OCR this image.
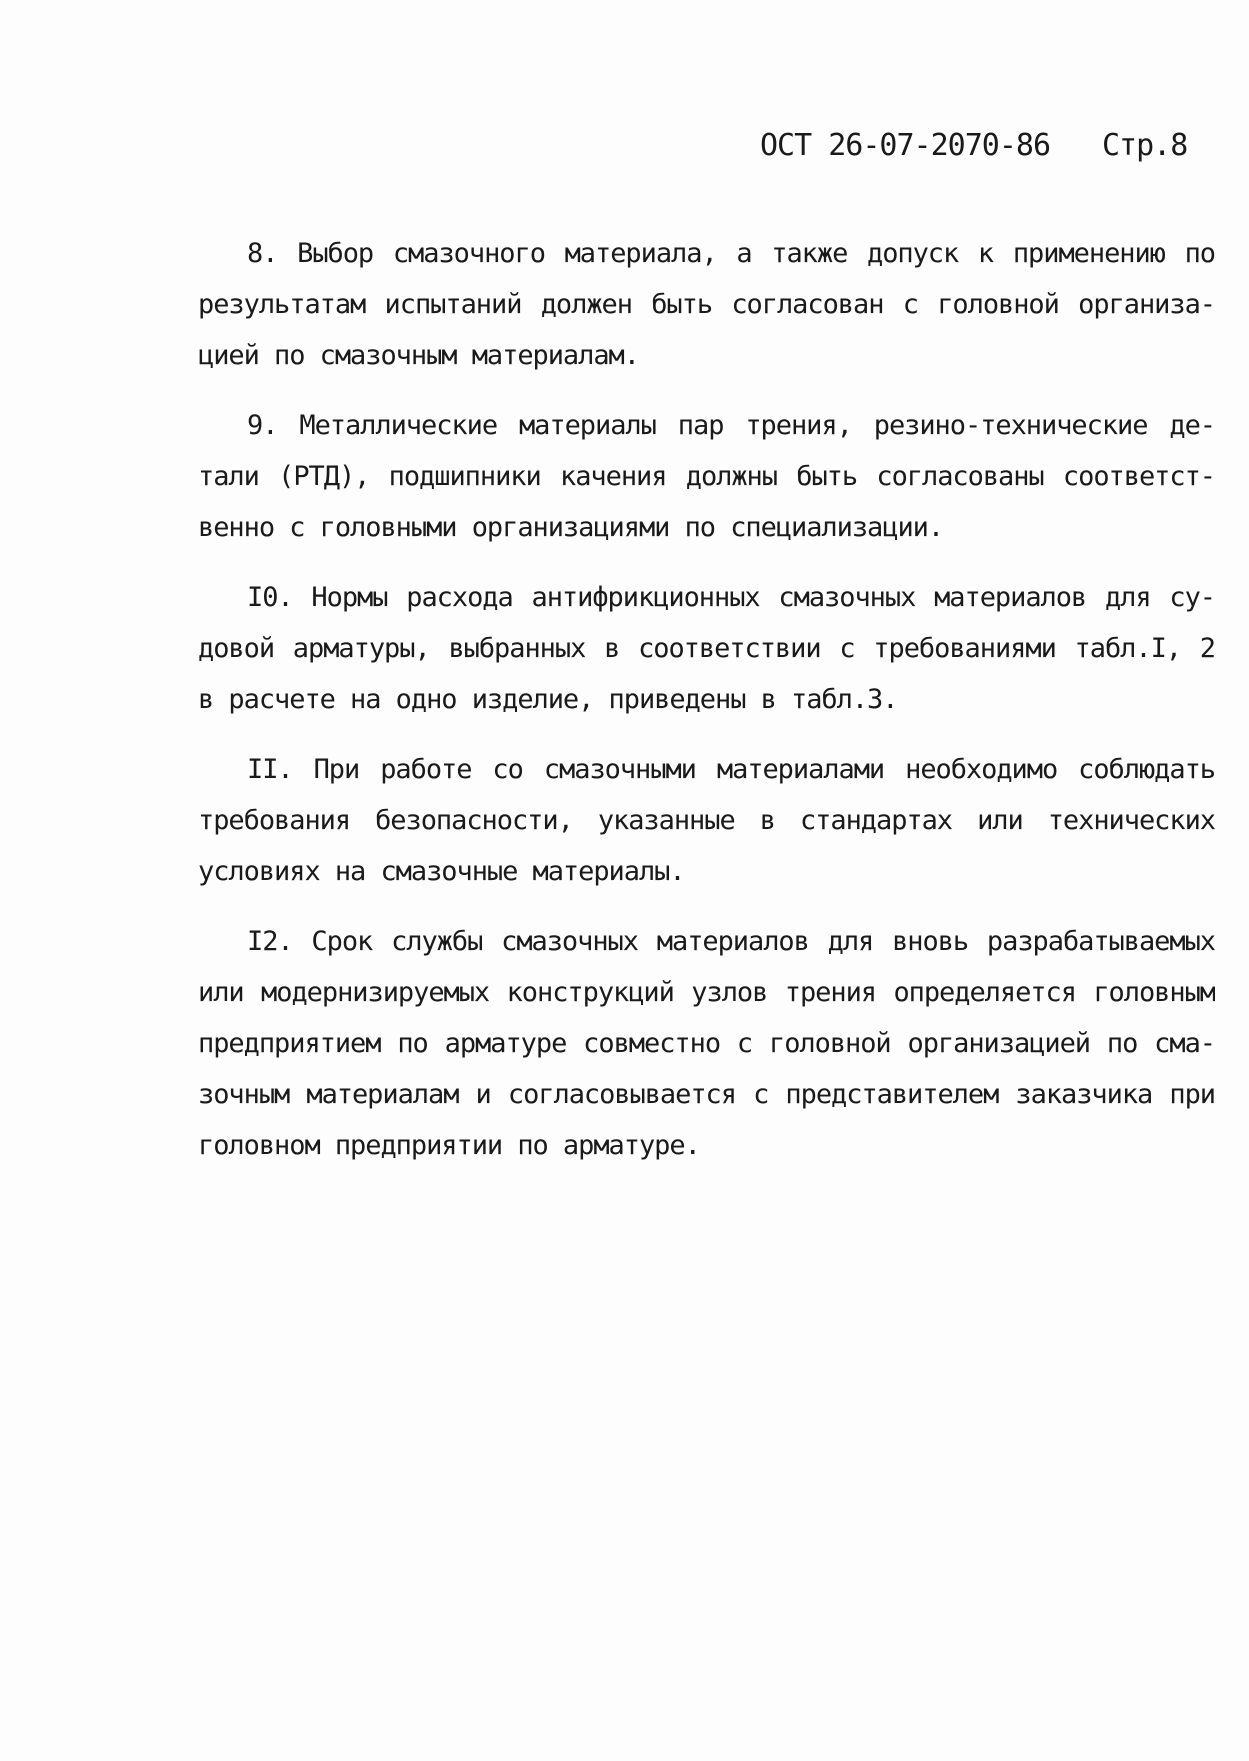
ОСТ 26-07-2070-86 Стр.8
8. Выбор смазочного материала, а также допуск к применению по
результатам испытаний должен быть согласован с головной организа-
цией по смазочным материалам.
9. Металлические материалы пар трения, резино-технические де-
тали (РТД), подшипники качения должны быть согласованы соответст-
венно с головными организациями по специализации.
I0. Нормы расхода антифрикционных смазочных материалов для су-
довой арматуры, выбранных в соответствии с требованиями табл.I, 2
в расчете на одно изделие, приведены в табл.3.
II. При работе со смазочными материалами необходимо соблюдать
требования безопасности, указанные в стандартах или технических
условиях на смазочные материалы.
I2. Срок службы смазочных материалов для вновь разрабатываемых
или модернизируемых конструкций узлов трения определяется головным
предприятием по арматуре совместно с головной организацией по сма-
зочным материалам и согласовывается с представителем заказчика при
головном предприятии по арматуре.
